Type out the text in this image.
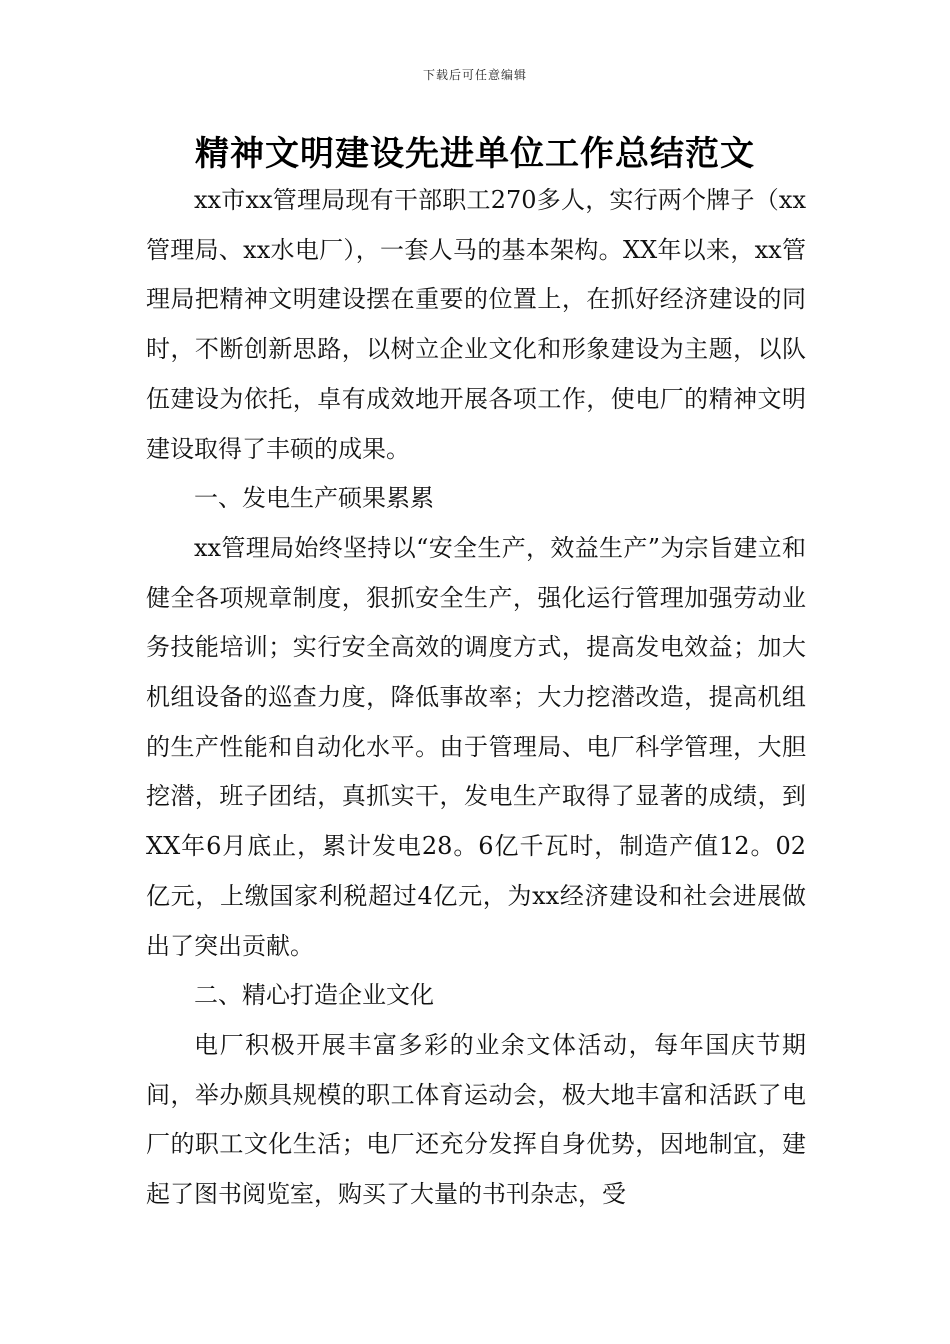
下载后可任意编辑
精神文明建设先进单位工作总结范文

xx市xx管理局现有干部职工270多人，实行两个牌子（xx管理局、xx水电厂），一套人马的基本架构。XX年以来，xx管理局把精神文明建设摆在重要的位置上，在抓好经济建设的同时，不断创新思路，以树立企业文化和形象建设为主题，以队伍建设为依托，卓有成效地开展各项工作，使电厂的精神文明建设取得了丰硕的成果。

一、发电生产硕果累累

xx管理局始终坚持以“安全生产，效益生产”为宗旨建立和健全各项规章制度，狠抓安全生产，强化运行管理加强劳动业务技能培训；实行安全高效的调度方式，提高发电效益；加大机组设备的巡查力度，降低事故率；大力挖潜改造，提高机组的生产性能和自动化水平。由于管理局、电厂科学管理，大胆挖潜，班子团结，真抓实干，发电生产取得了显著的成绩，到XX年6月底止，累计发电28。6亿千瓦时，制造产值12。02亿元，上缴国家利税超过4亿元，为xx经济建设和社会进展做出了突出贡献。

二、精心打造企业文化

电厂积极开展丰富多彩的业余文体活动，每年国庆节期间，举办颇具规模的职工体育运动会，极大地丰富和活跃了电厂的职工文化生活；电厂还充分发挥自身优势，因地制宜，建起了图书阅览室，购买了大量的书刊杂志，受
